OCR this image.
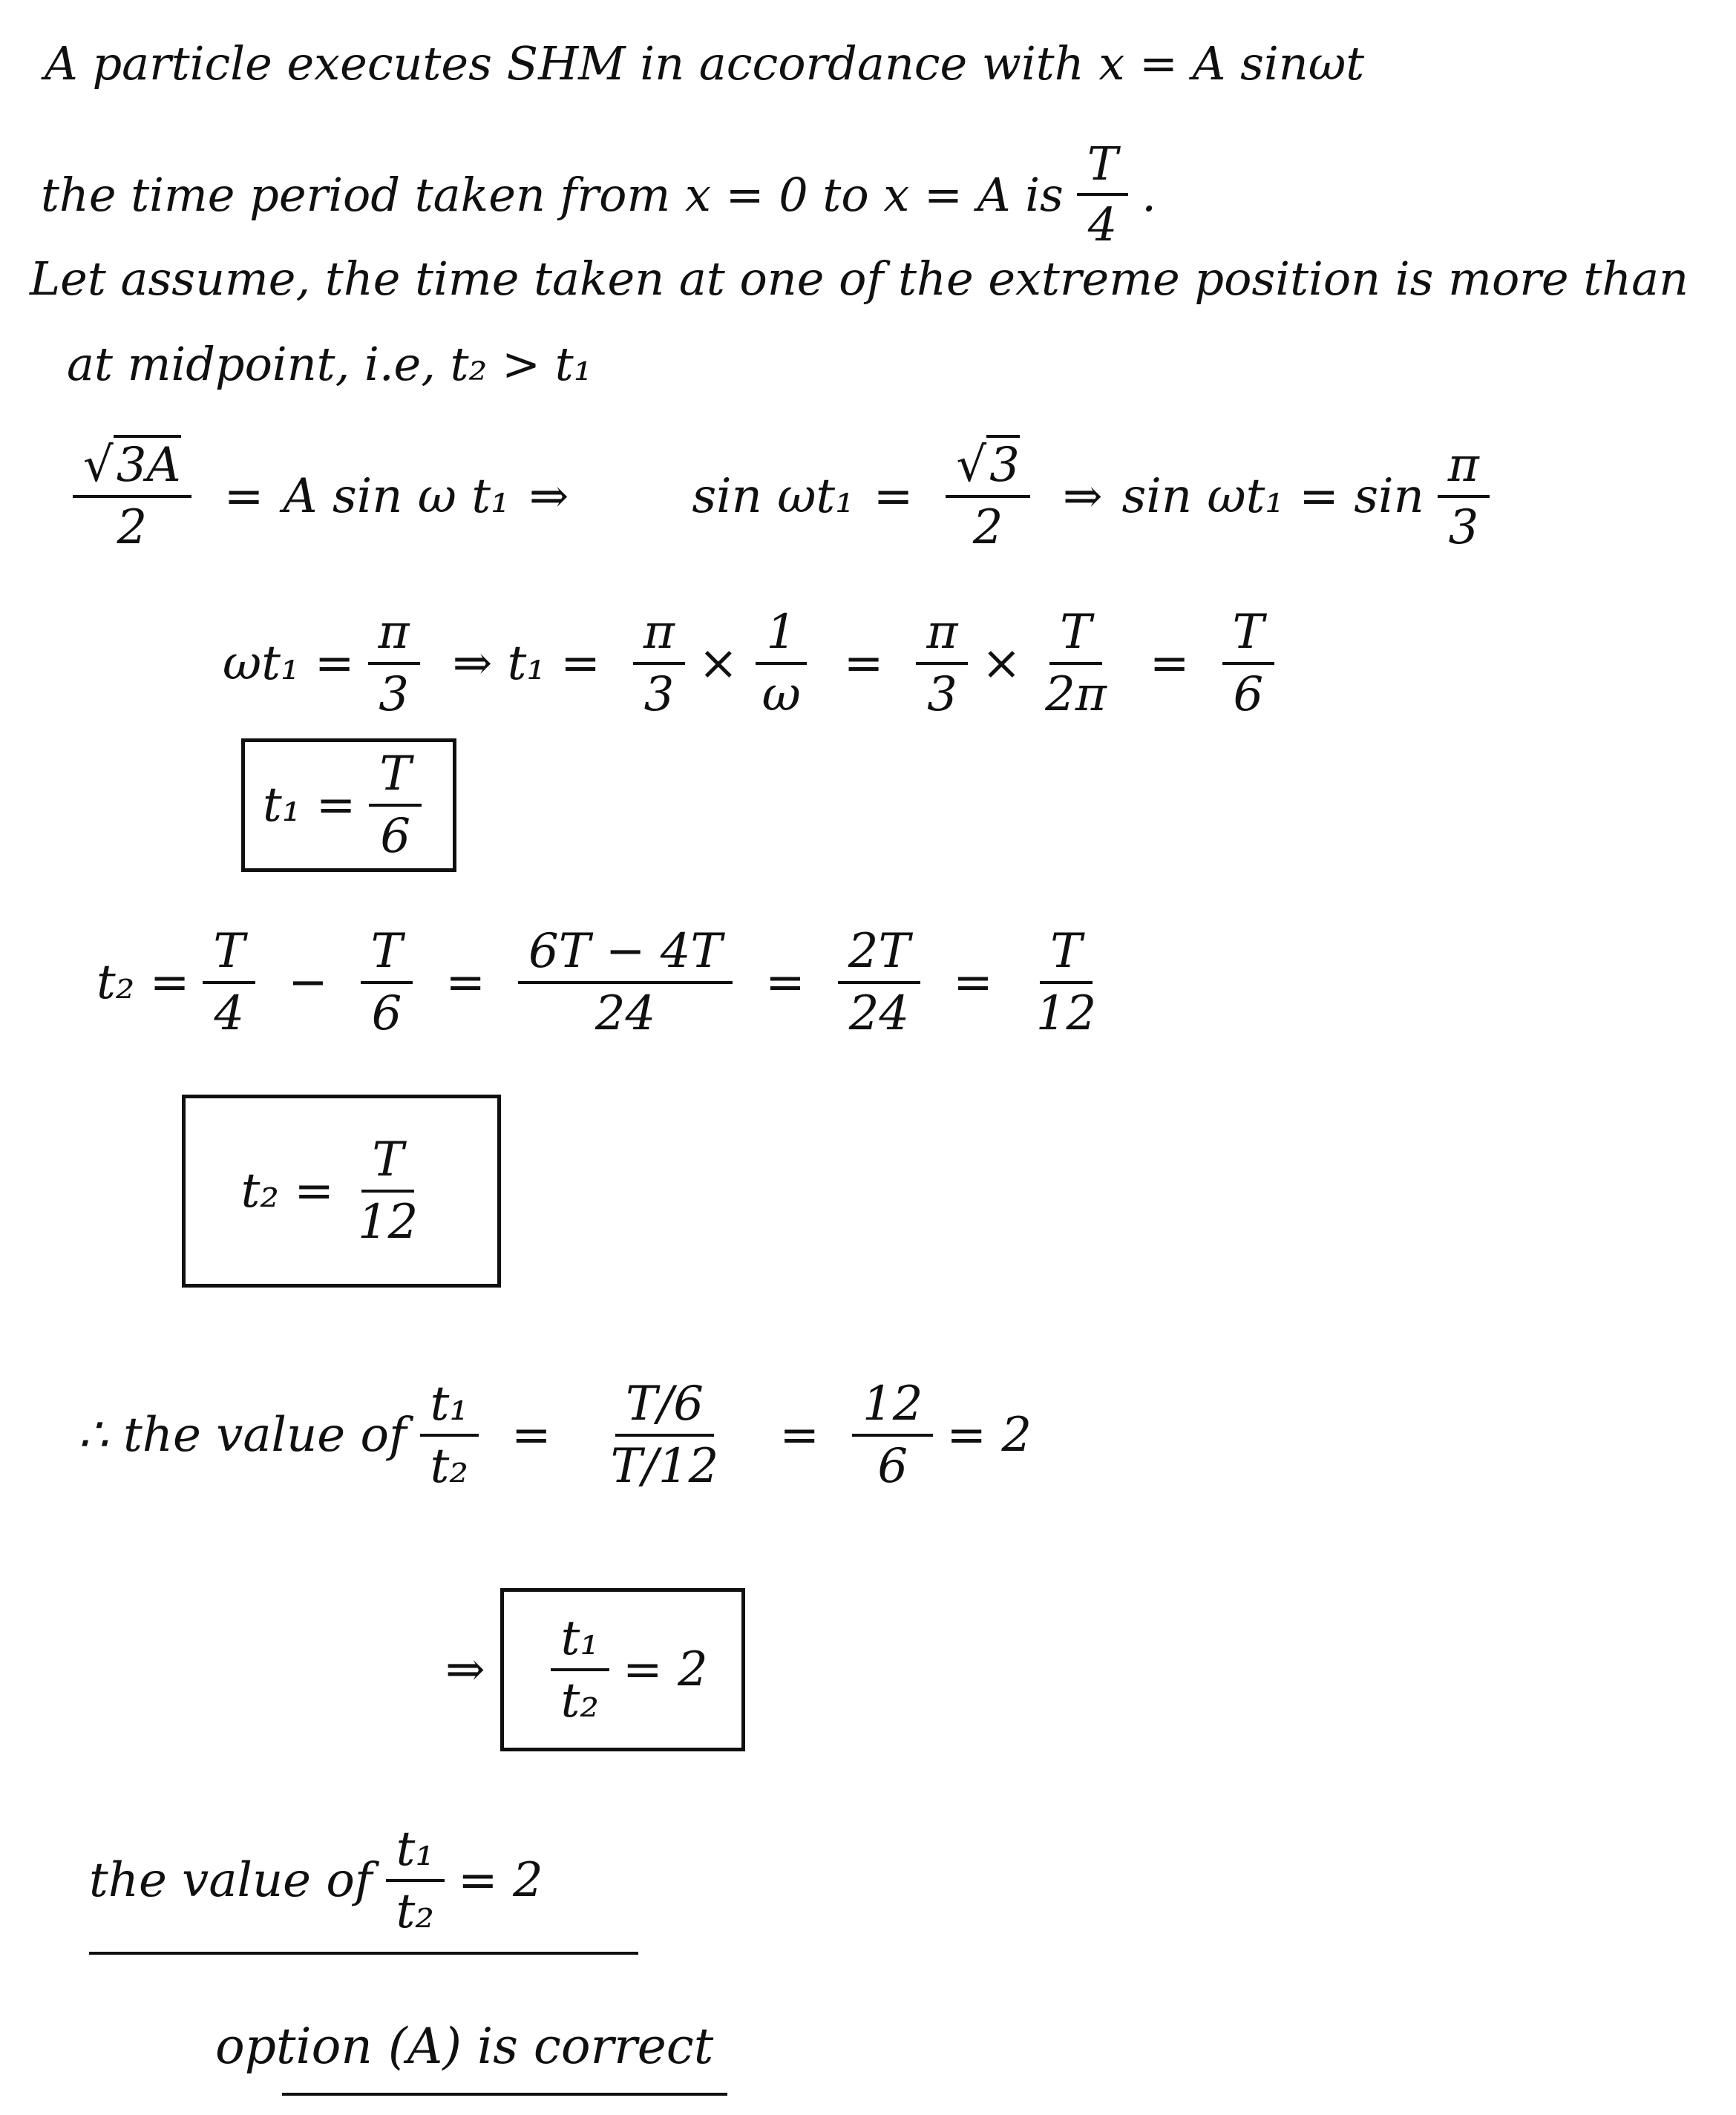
A particle executes SHM in accordance with x = A sinωt
the time period taken from x = 0 to x = A is $\frac{T}{4}$ .
Let assume, the time taken at one of the extreme position is more than
at midpoint, i.e, t₂ > t₁
$\frac{√3A}{2} = A$ sin ω t₁ ⇒	$\sin \omega t_1 = \frac{√3}{2}$ ⇒ $\sin \omega t_1 = \sin \frac{\pi}{3}$
$\omega t_1 = \frac{\pi}{3}$ ⇒ $t_1 = \frac{\pi}{3} \times \frac{1}{\omega} = \frac{\pi}{3} \times \frac{T}{2\pi} = \frac{T}{6}$
$t_1 = \frac{T}{6}$
$t_2 = \frac{T}{4} - \frac{T}{6} = \frac{6T - 4T}{24} = \frac{2T}{24} = \frac{T}{12}$
$t_2 = \frac{T}{12}$
∴ the value of $\frac{\text{t₁}}{\text{t₂}} = \frac{T/6}{T/12} = \frac{12}{6} = 2$
⇒ $\frac{\text{t₁}}{\text{t₂}} = 2$
the value of $\frac{\text{t₁}}{\text{t₂}} = 2$
option (A) is correct
